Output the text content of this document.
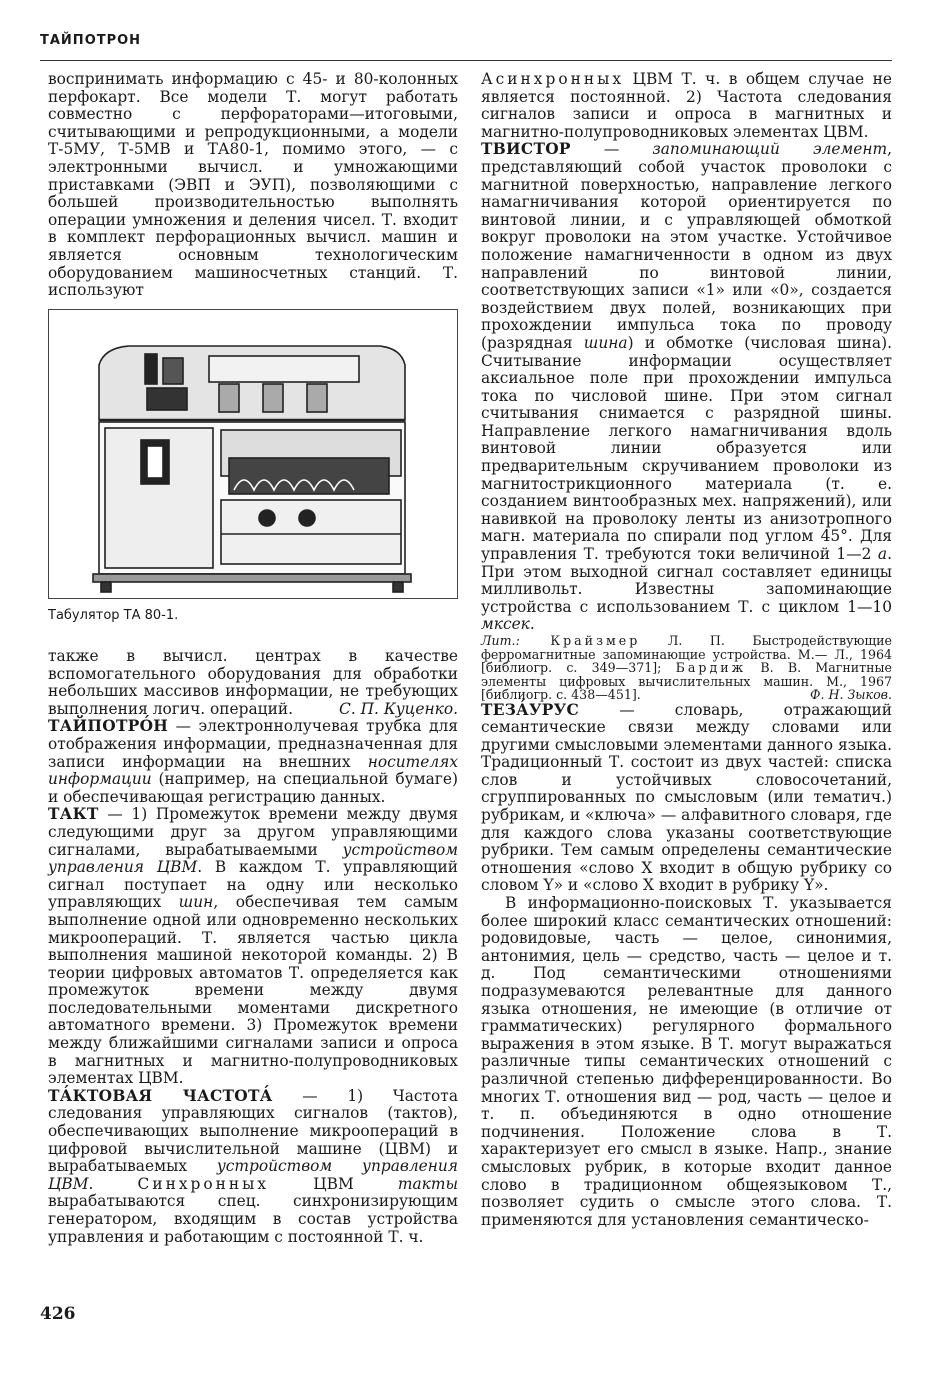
ТАЙПОТРОН

воспринимать информацию с 45- и 80-колонных перфокарт. Все модели Т. могут работать совместно с перфораторами—итоговыми, считывающими и репродукционными, а модели Т-5МУ, Т-5МВ и ТА80-1, помимо этого, — с электронными вычисл. и умножающими приставками (ЭВП и ЭУП), позволяющими с большей производительностью выполнять операции умножения и деления чисел. Т. входит в комплект перфорационных вычисл. машин и является основным технологическим оборудованием машиносчетных станций. Т. используют

Табулятор ТА 80-1.

также в вычисл. центрах в качестве вспомогательного оборудования для обработки небольших массивов информации, не требующих выполнения логич. операций.	С. П. Куценко.

ТАЙПОТРО́Н — электроннолучевая трубка для отображения информации, предназначенная для записи информации на внешних носителях информации (например, на специальной бумаге) и обеспечивающая регистрацию данных.

ТАКТ — 1) Промежуток времени между двумя следующими друг за другом управляющими сигналами, вырабатываемыми устройством управления ЦВМ. В каждом Т. управляющий сигнал поступает на одну или несколько управляющих шин, обеспечивая тем самым выполнение одной или одновременно нескольких микроопераций. Т. является частью цикла выполнения машиной некоторой команды. 2) В теории цифровых автоматов Т. определяется как промежуток времени между двумя последовательными моментами дискретного автоматного времени. 3) Промежуток времени между ближайшими сигналами записи и опроса в магнитных и магнитно-полупроводниковых элементах ЦВМ.

ТА́КТОВАЯ ЧАСТОТА́ — 1) Частота следования управляющих сигналов (тактов), обеспечивающих выполнение микроопераций в цифровой вычислительной машине (ЦВМ) и вырабатываемых устройством управления ЦВМ. Синхронных ЦВМ такты вырабатываются спец. синхронизирующим генератором, входящим в состав устройства управления и работающим с постоянной Т. ч.

Асинхронных ЦВМ Т. ч. в общем случае не является постоянной. 2) Частота следования сигналов записи и опроса в магнитных и магнитно-полупроводниковых элементах ЦВМ.

ТВИСТОР — запоминающий элемент, представляющий собой участок проволоки с магнитной поверхностью, направление легкого намагничивания которой ориентируется по винтовой линии, и с управляющей обмоткой вокруг проволоки на этом участке. Устойчивое положение намагниченности в одном из двух направлений по винтовой линии, соответствующих записи «1» или «0», создается воздействием двух полей, возникающих при прохождении импульса тока по проводу (разрядная шина) и обмотке (числовая шина). Считывание информации осуществляет аксиальное поле при прохождении импульса тока по числовой шине. При этом сигнал считывания снимается с разрядной шины. Направление легкого намагничивания вдоль винтовой линии образуется или предварительным скручиванием проволоки из магнитострикционного материала (т. е. созданием винтообразных мех. напряжений), или навивкой на проволоку ленты из анизотропного магн. материала по спирали под углом 45°. Для управления Т. требуются токи величиной 1—2 а. При этом выходной сигнал составляет единицы милливольт. Известны запоминающие устройства с использованием Т. с циклом 1—10 мксек.

Лит.: Крайзмер Л. П. Быстродействующие ферромагнитные запоминающие устройства. М.— Л., 1964 [библиогр. с. 349—371]; Бардиж В. В. Магнитные элементы цифровых вычислительных машин. М., 1967 [библиогр. с. 438—451].	Ф. Н. Зыков.

ТЕЗА́УРУС — словарь, отражающий семантические связи между словами или другими смысловыми элементами данного языка. Традиционный Т. состоит из двух частей: списка слов и устойчивых словосочетаний, сгруппированных по смысловым (или тематич.) рубрикам, и «ключа» — алфавитного словаря, где для каждого слова указаны соответствующие рубрики. Тем самым определены семантические отношения «слово X входит в общую рубрику со словом Y» и «слово X входит в рубрику Y».

В информационно-поисковых Т. указывается более широкий класс семантических отношений: родовидовые, часть — целое, синонимия, антонимия, цель — средство, часть — целое и т. д. Под семантическими отношениями подразумеваются релевантные для данного языка отношения, не имеющие (в отличие от грамматических) регулярного формального выражения в этом языке. В Т. могут выражаться различные типы семантических отношений с различной степенью дифференцированности. Во многих Т. отношения вид — род, часть — целое и т. п. объединяются в одно отношение подчинения. Положение слова в Т. характеризует его смысл в языке. Напр., знание смысловых рубрик, в которые входит данное слово в традиционном общеязыковом Т., позволяет судить о смысле этого слова. Т. применяются для установления семантическо-

426
